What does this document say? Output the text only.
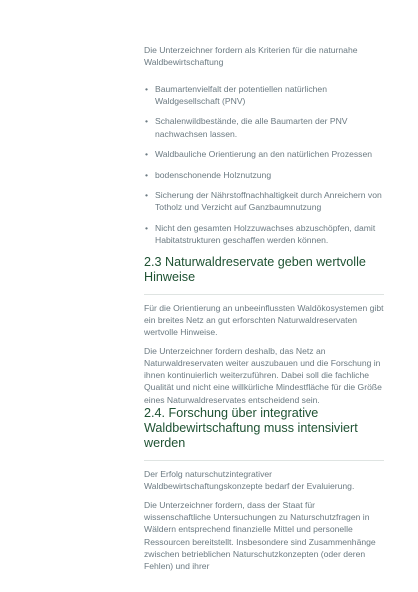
Die Unterzeichner fordern als Kriterien für die naturnahe Waldbewirtschaftung

• Baumartenvielfalt der potentiellen natürlichen Waldgesellschaft (PNV)
• Schalenwildbestände, die alle Baumarten der PNV nachwachsen lassen.
• Waldbauliche Orientierung an den natürlichen Prozessen
• bodenschonende Holznutzung
• Sicherung der Nährstoffnachhaltigkeit durch Anreichern von Totholz und Verzicht auf Ganzbaumnutzung
• Nicht den gesamten Holzzuwachses abzuschöpfen, damit Habitatstrukturen geschaffen werden können.
2.3 Naturwaldreservate geben wertvolle Hinweise

Für die Orientierung an unbeeinflussten Waldökosystemen gibt ein breites Netz an gut erforschten Naturwaldreservaten wertvolle Hinweise.

Die Unterzeichner fordern deshalb, das Netz an Naturwaldreservaten weiter auszubauen und die Forschung in ihnen kontinuierlich weiterzuführen. Dabei soll die fachliche Qualität und nicht eine willkürliche Mindestfläche für die Größe eines Naturwaldreservates entscheidend sein.

2.4. Forschung über integrative Waldbewirtschaftung muss intensiviert werden

Der Erfolg naturschutzintegrativer Waldbewirtschaftungskonzepte bedarf der Evaluierung.

Die Unterzeichner fordern, dass der Staat für wissenschaftliche Untersuchungen zu Naturschutzfragen in Wäldern entsprechend finanzielle Mittel und personelle Ressourcen bereitstellt. Insbesondere sind Zusammenhänge zwischen betrieblichen Naturschutzkonzepten (oder deren Fehlen) und ihrer
